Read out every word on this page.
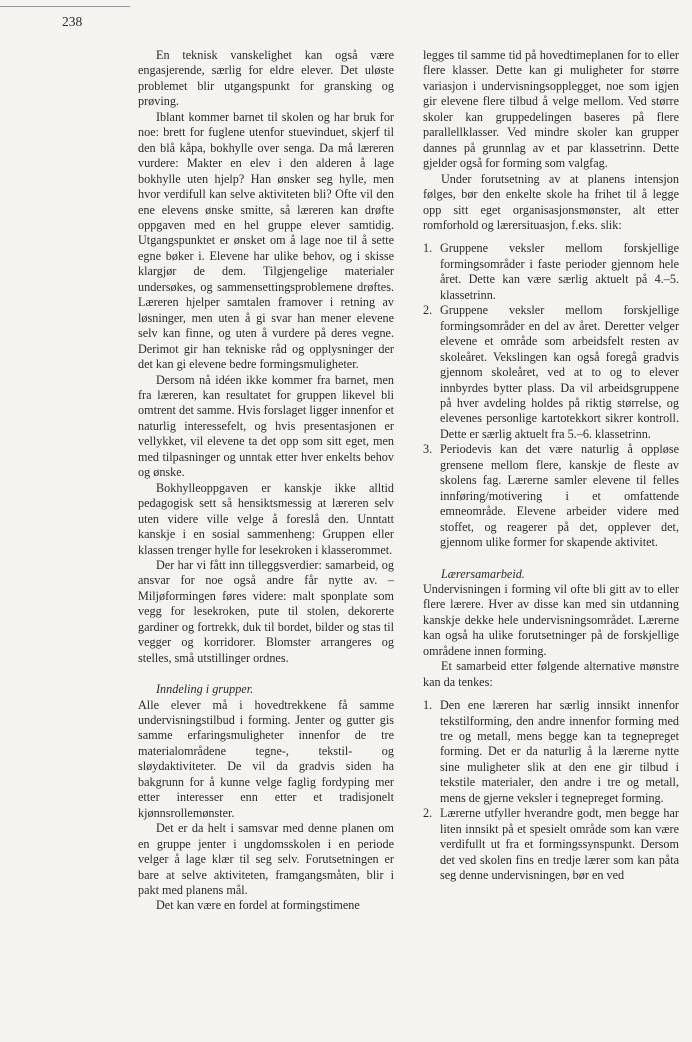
238

En teknisk vanskelighet kan også være engasjerende, særlig for eldre elever. Det uløste problemet blir utgangspunkt for gransking og prøving.

Iblant kommer barnet til skolen og har bruk for noe: brett for fuglene utenfor stuevinduet, skjerf til den blå kåpa, bokhylle over senga. Da må læreren vurdere: Makter en elev i den alderen å lage bokhylle uten hjelp? Han ønsker seg hylle, men hvor verdifull kan selve aktiviteten bli? Ofte vil den ene elevens ønske smitte, så læreren kan drøfte oppgaven med en hel gruppe elever samtidig. Utgangspunktet er ønsket om å lage noe til å sette egne bøker i. Elevene har ulike behov, og i skisse klargjør de dem. Tilgjengelige materialer undersøkes, og sammensettingsproblemene drøftes. Læreren hjelper samtalen framover i retning av løsninger, men uten å gi svar han mener elevene selv kan finne, og uten å vurdere på deres vegne. Derimot gir han tekniske råd og opplysninger der det kan gi elevene bedre formingsmuligheter.

Dersom nå idéen ikke kommer fra barnet, men fra læreren, kan resultatet for gruppen likevel bli omtrent det samme. Hvis forslaget ligger innenfor et naturlig interessefelt, og hvis presentasjonen er vellykket, vil elevene ta det opp som sitt eget, men med tilpasninger og unntak etter hver enkelts behov og ønske.

Bokhylleoppgaven er kanskje ikke alltid pedagogisk sett så hensiktsmessig at læreren selv uten videre ville velge å foreslå den. Unntatt kanskje i en sosial sammenheng: Gruppen eller klassen trenger hylle for lesekroken i klasserommet.

Der har vi fått inn tilleggsverdier: samarbeid, og ansvar for noe også andre får nytte av. – Miljøformingen føres videre: malt sponplate som vegg for lesekroken, pute til stolen, dekorerte gardiner og fortrekk, duk til bordet, bilder og stas til vegger og korridorer. Blomster arrangeres og stelles, små utstillinger ordnes.

Inndeling i grupper.

Alle elever må i hovedtrekkene få samme undervisningstilbud i forming. Jenter og gutter gis samme erfaringsmuligheter innenfor de tre materialområdene tegne-, tekstil- og sløydaktiviteter. De vil da gradvis siden ha bakgrunn for å kunne velge faglig fordyping mer etter interesser enn etter et tradisjonelt kjønnsrollemønster.

Det er da helt i samsvar med denne planen om en gruppe jenter i ungdomsskolen i en periode velger å lage klær til seg selv. Forutsetningen er bare at selve aktiviteten, framgangsmåten, blir i pakt med planens mål.

Det kan være en fordel at formingstimene

legges til samme tid på hovedtimeplanen for to eller flere klasser. Dette kan gi muligheter for større variasjon i undervisningsopplegget, noe som igjen gir elevene flere tilbud å velge mellom. Ved større skoler kan gruppedelingen baseres på flere parallellklasser. Ved mindre skoler kan grupper dannes på grunnlag av et par klassetrinn. Dette gjelder også for forming som valgfag.

Under forutsetning av at planens intensjon følges, bør den enkelte skole ha frihet til å legge opp sitt eget organisasjonsmønster, alt etter romforhold og lærersituasjon, f.eks. slik:

1. Gruppene veksler mellom forskjellige formingsområder i faste perioder gjennom hele året. Dette kan være særlig aktuelt på 4.–5. klassetrinn.
2. Gruppene veksler mellom forskjellige formingsområder en del av året. Deretter velger elevene et område som arbeidsfelt resten av skoleåret. Vekslingen kan også foregå gradvis gjennom skoleåret, ved at to og to elever innbyrdes bytter plass. Da vil arbeidsgruppene på hver avdeling holdes på riktig størrelse, og elevenes personlige kartotekkort sikrer kontroll. Dette er særlig aktuelt fra 5.–6. klassetrinn.
3. Periodevis kan det være naturlig å oppløse grensene mellom flere, kanskje de fleste av skolens fag. Lærerne samler elevene til felles innføring/motivering i et omfattende emneområde. Elevene arbeider videre med stoffet, og reagerer på det, opplever det, gjennom ulike former for skapende aktivitet.

Lærersamarbeid.

Undervisningen i forming vil ofte bli gitt av to eller flere lærere. Hver av disse kan med sin utdanning kanskje dekke hele undervisningsområdet. Lærerne kan også ha ulike forutsetninger på de forskjellige områdene innen forming.

Et samarbeid etter følgende alternative mønstre kan da tenkes:

1. Den ene læreren har særlig innsikt innenfor tekstilforming, den andre innenfor forming med tre og metall, mens begge kan ta tegnepreget forming. Det er da naturlig å la lærerne nytte sine muligheter slik at den ene gir tilbud i tekstile materialer, den andre i tre og metall, mens de gjerne veksler i tegnepreget forming.
2. Lærerne utfyller hverandre godt, men begge har liten innsikt på et spesielt område som kan være verdifullt ut fra et formingssynspunkt. Dersom det ved skolen fins en tredje lærer som kan påta seg denne undervisningen, bør en ved
